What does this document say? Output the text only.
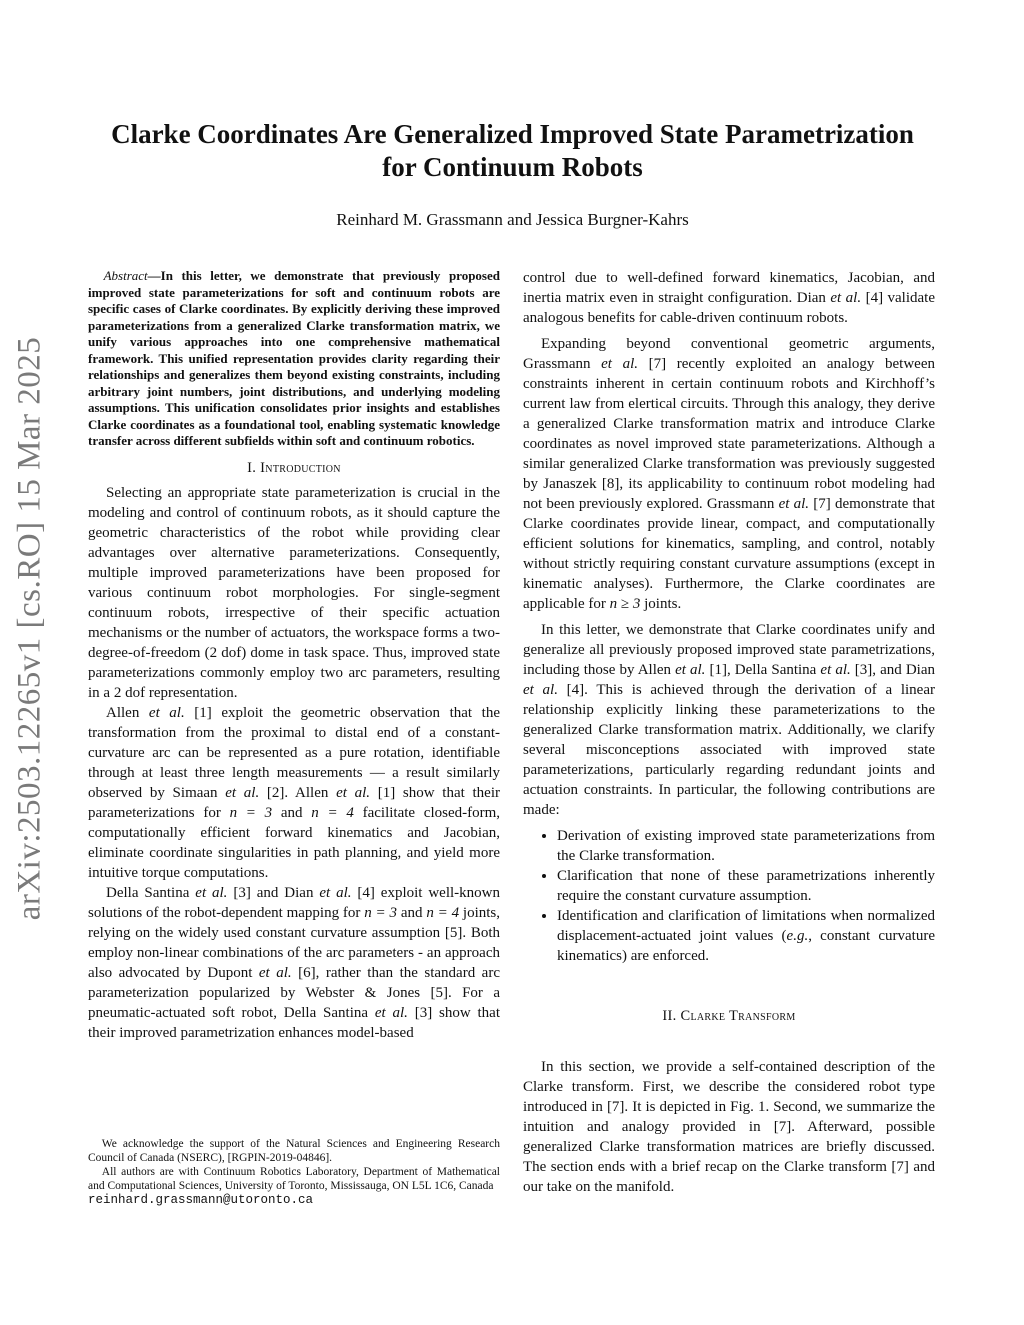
arXiv:2503.12265v1 [cs.RO] 15 Mar 2025
Clarke Coordinates Are Generalized Improved State Parametrization
for Continuum Robots
Reinhard M. Grassmann and Jessica Burgner-Kahrs

Abstract—In this letter, we demonstrate that previously proposed improved state parameterizations for soft and continuum robots are specific cases of Clarke coordinates. By explicitly deriving these improved parameterizations from a generalized Clarke transformation matrix, we unify various approaches into one comprehensive mathematical framework. This unified representation provides clarity regarding their relationships and generalizes them beyond existing constraints, including arbitrary joint numbers, joint distributions, and underlying modeling assumptions. This unification consolidates prior insights and establishes Clarke coordinates as a foundational tool, enabling systematic knowledge transfer across different subfields within soft and continuum robotics.

I. Introduction

Selecting an appropriate state parameterization is crucial in the modeling and control of continuum robots, as it should capture the geometric characteristics of the robot while providing clear advantages over alternative parameterizations. Consequently, multiple improved parameterizations have been proposed for various continuum robot morphologies. For single-segment continuum robots, irrespective of their specific actuation mechanisms or the number of actuators, the workspace forms a two-degree-of-freedom (2 dof) dome in task space. Thus, improved state parameterizations commonly employ two arc parameters, resulting in a 2 dof representation.

Allen et al. [1] exploit the geometric observation that the transformation from the proximal to distal end of a constant-curvature arc can be represented as a pure rotation, identifiable through at least three length measurements — a result similarly observed by Simaan et al. [2]. Allen et al. [1] show that their parameterizations for n = 3 and n = 4 facilitate closed-form, computationally efficient forward kinematics and Jacobian, eliminate coordinate singularities in path planning, and yield more intuitive torque computations.

Della Santina et al. [3] and Dian et al. [4] exploit well-known solutions of the robot-dependent mapping for n = 3 and n = 4 joints, relying on the widely used constant curvature assumption [5]. Both employ non-linear combinations of the arc parameters - an approach also advocated by Dupont et al. [6], rather than the standard arc parameterization popularized by Webster & Jones [5]. For a pneumatic-actuated soft robot, Della Santina et al. [3] show that their improved parametrization enhances model-based

We acknowledge the support of the Natural Sciences and Engineering Research Council of Canada (NSERC), [RGPIN-2019-04846].

All authors are with Continuum Robotics Laboratory, Department of Mathematical and Computational Sciences, University of Toronto, Mississauga, ON L5L 1C6, Canada

reinhard.grassmann@utoronto.ca

control due to well-defined forward kinematics, Jacobian, and inertia matrix even in straight configuration. Dian et al. [4] validate analogous benefits for cable-driven continuum robots.

Expanding beyond conventional geometric arguments, Grassmann et al. [7] recently exploited an analogy between constraints inherent in certain continuum robots and Kirchhoff’s current law from elertical circuits. Through this analogy, they derive a generalized Clarke transformation matrix and introduce Clarke coordinates as novel improved state parameterizations. Although a similar generalized Clarke transformation was previously suggested by Janaszek [8], its applicability to continuum robot modeling had not been previously explored. Grassmann et al. [7] demonstrate that Clarke coordinates provide linear, compact, and computationally efficient solutions for kinematics, sampling, and control, notably without strictly requiring constant curvature assumptions (except in kinematic analyses). Furthermore, the Clarke coordinates are applicable for n ≥ 3 joints.

In this letter, we demonstrate that Clarke coordinates unify and generalize all previously proposed improved state parametrizations, including those by Allen et al. [1], Della Santina et al. [3], and Dian et al. [4]. This is achieved through the derivation of a linear relationship explicitly linking these parameterizations to the generalized Clarke transformation matrix. Additionally, we clarify several misconceptions associated with improved state parameterizations, particularly regarding redundant joints and actuation constraints. In particular, the following contributions are made:

• Derivation of existing improved state parameterizations from the Clarke transformation.
• Clarification that none of these parametrizations inherently require the constant curvature assumption.
• Identification and clarification of limitations when normalized displacement-actuated joint values (e.g., constant curvature kinematics) are enforced.
II. Clarke Transform

In this section, we provide a self-contained description of the Clarke transform. First, we describe the considered robot type introduced in [7]. It is depicted in Fig. 1. Second, we summarize the intuition and analogy provided in [7]. Afterward, possible generalized Clarke transformation matrices are briefly discussed. The section ends with a brief recap on the Clarke transform [7] and our take on the manifold.
